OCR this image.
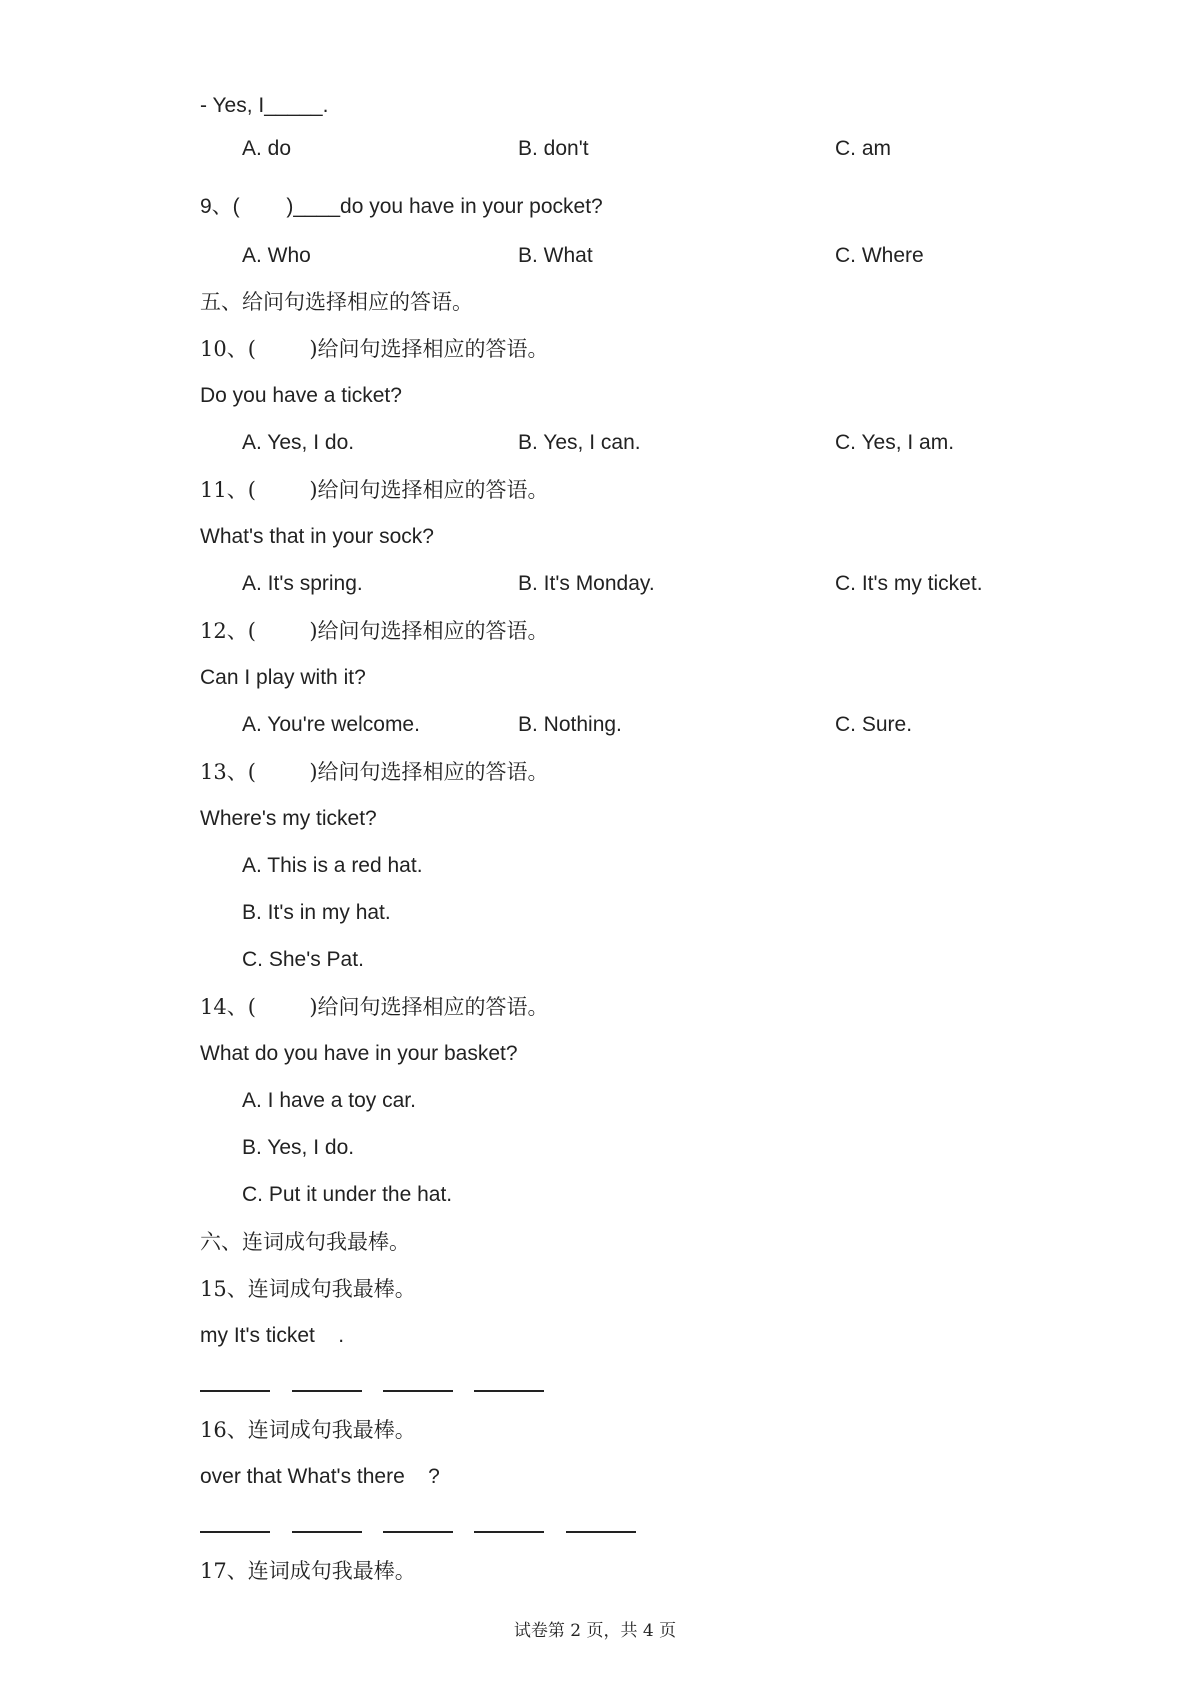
- Yes, I_____.
A. do	B. don't	C. am
9、(        )____do you have in your pocket?
A. Who	B. What	C. Where
五、给问句选择相应的答语。
10、(        )给问句选择相应的答语。
Do you have a ticket?
A. Yes, I do.	B. Yes, I can.	C. Yes, I am.
11、(        )给问句选择相应的答语。
What's that in your sock?
A. It's spring.	B. It's Monday.	C. It's my ticket.
12、(        )给问句选择相应的答语。
Can I play with it?
A. You're welcome.	B. Nothing.	C. Sure.
13、(        )给问句选择相应的答语。
Where's my ticket?
A. This is a red hat.
B. It's in my hat.
C. She's Pat.
14、(        )给问句选择相应的答语。
What do you have in your basket?
A. I have a toy car.
B. Yes, I do.
C. Put it under the hat.
六、连词成句我最棒。
15、连词成句我最棒。
my It's ticket    .
16、连词成句我最棒。
over that What's there    ?
17、连词成句我最棒。
试卷第 2 页，共 4 页
